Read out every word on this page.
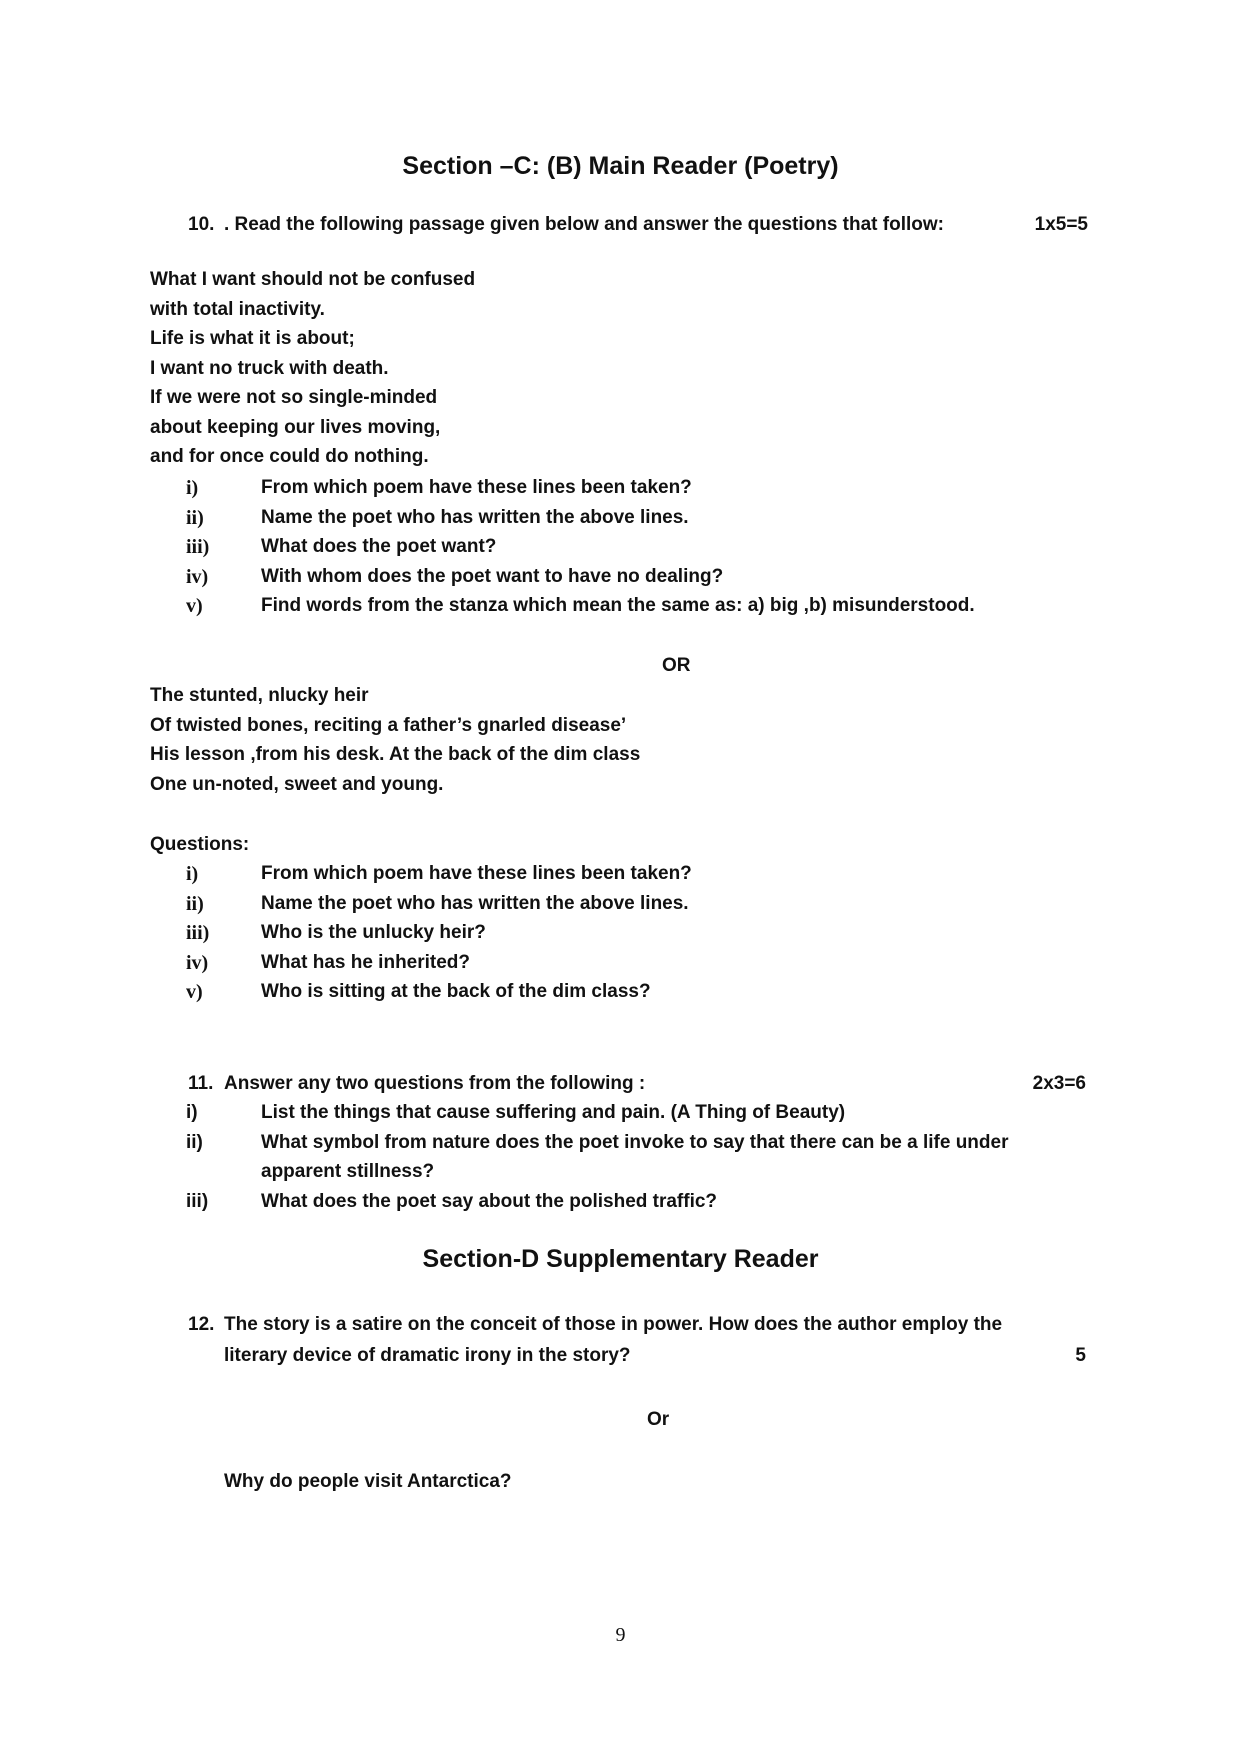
Section –C: (B) Main Reader (Poetry)
10. . Read the following passage given below and answer the questions that follow:	1x5=5
What I want should not be confused
with total inactivity.
Life is what it is about;
I want no truck with death.
If we were not so single-minded
about keeping our lives moving,
and for once could do nothing.
i)	From which poem have these lines been taken?
ii)	Name the poet who has written the above lines.
iii)	What does the poet want?
iv)	With whom does the poet want to have no dealing?
v)	Find words from the stanza which mean the same as: a) big ,b) misunderstood.
OR
The stunted, nlucky heir
Of twisted bones, reciting a father’s gnarled disease’
His lesson ,from his desk. At the back of the dim class
One un-noted, sweet and young.
Questions:
i)	From which poem have these lines been taken?
ii)	Name the poet who has written the above lines.
iii)	Who is the unlucky heir?
iv)	What has he inherited?
v)	Who is sitting at the back of the dim class?
11. Answer any two questions from the following :	2x3=6
i)	List the things that cause suffering and pain. (A Thing of Beauty)
ii)	What symbol from nature does the poet invoke to say that there can be a life under
apparent stillness?
iii)	What does the poet say about the polished traffic?
Section-D Supplementary Reader
12. The story is a satire on the conceit of those in power. How does the author employ the
literary device of dramatic irony in the story?	5
Or
Why do people visit Antarctica?
9
